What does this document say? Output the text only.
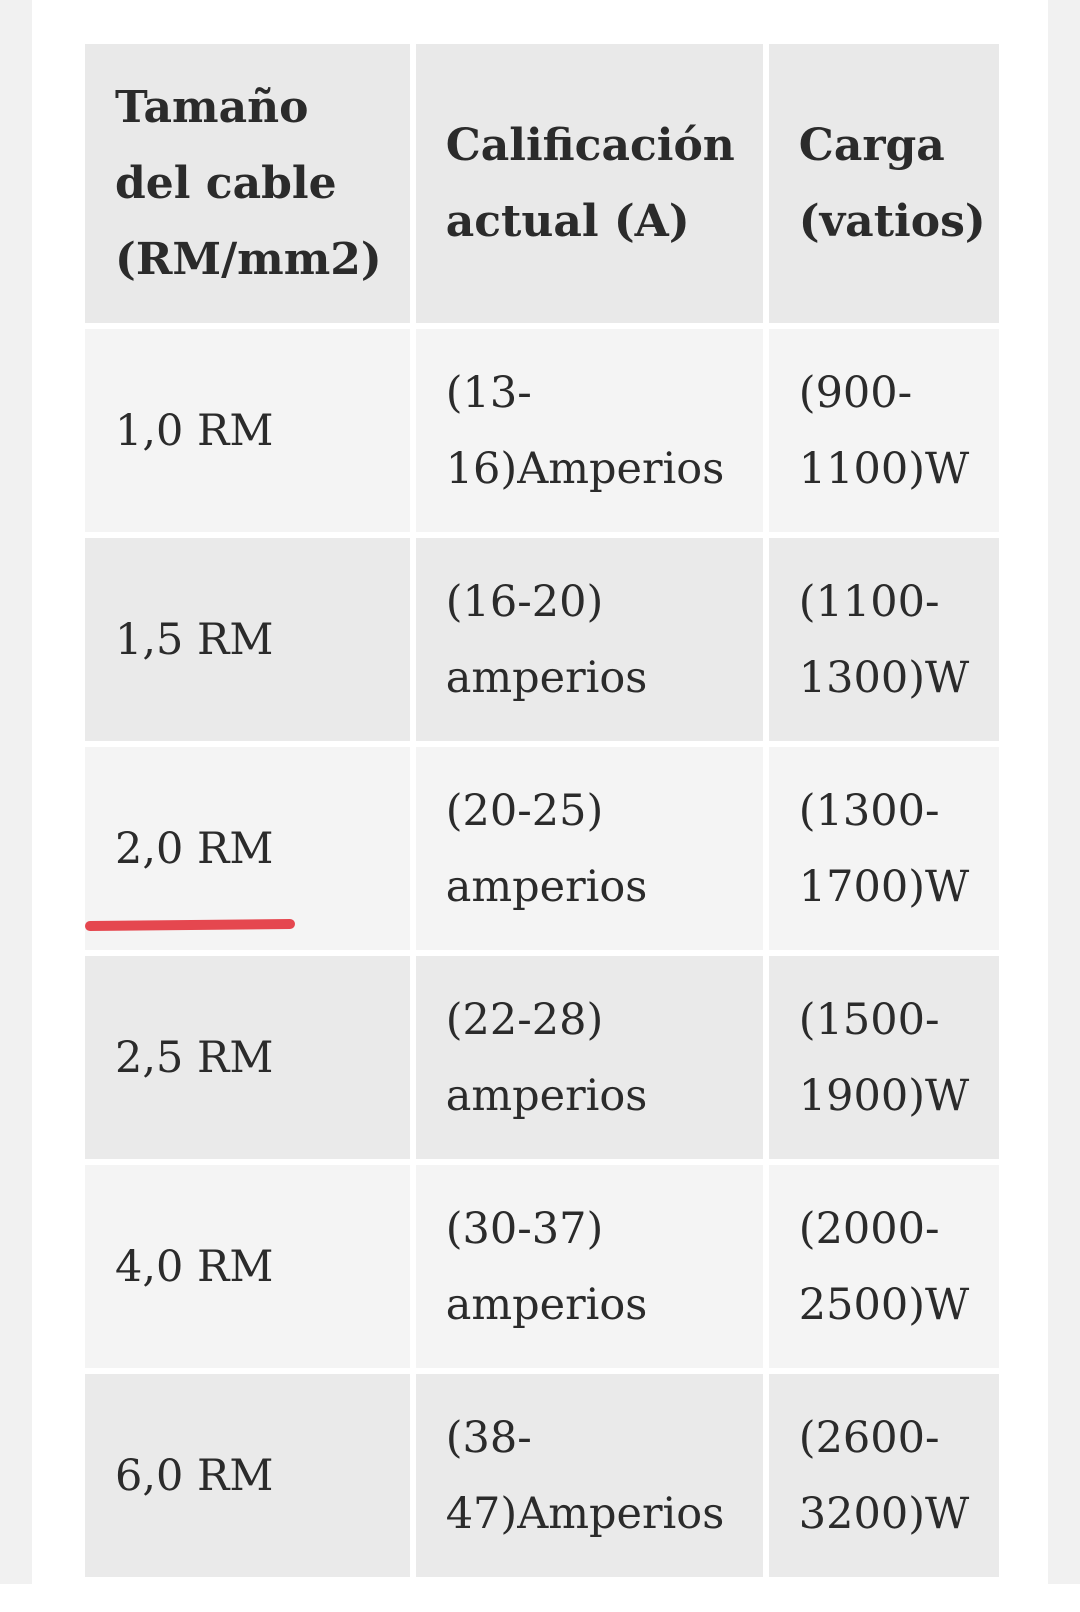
Tamaño del cable (RM/mm2)	Calificación actual (A)	Carga (vatios)	
1,0 RM	(13-16)Amperios	(900-1100)W	
1,5 RM	(16-20) amperios	(1100-1300)W	
2,0 RM	(20-25) amperios	(1300-1700)W	
2,5 RM	(22-28) amperios	(1500-1900)W	
4,0 RM	(30-37) amperios	(2000-2500)W	
6,0 RM	(38-47)Amperios	(2600-3200)W	
